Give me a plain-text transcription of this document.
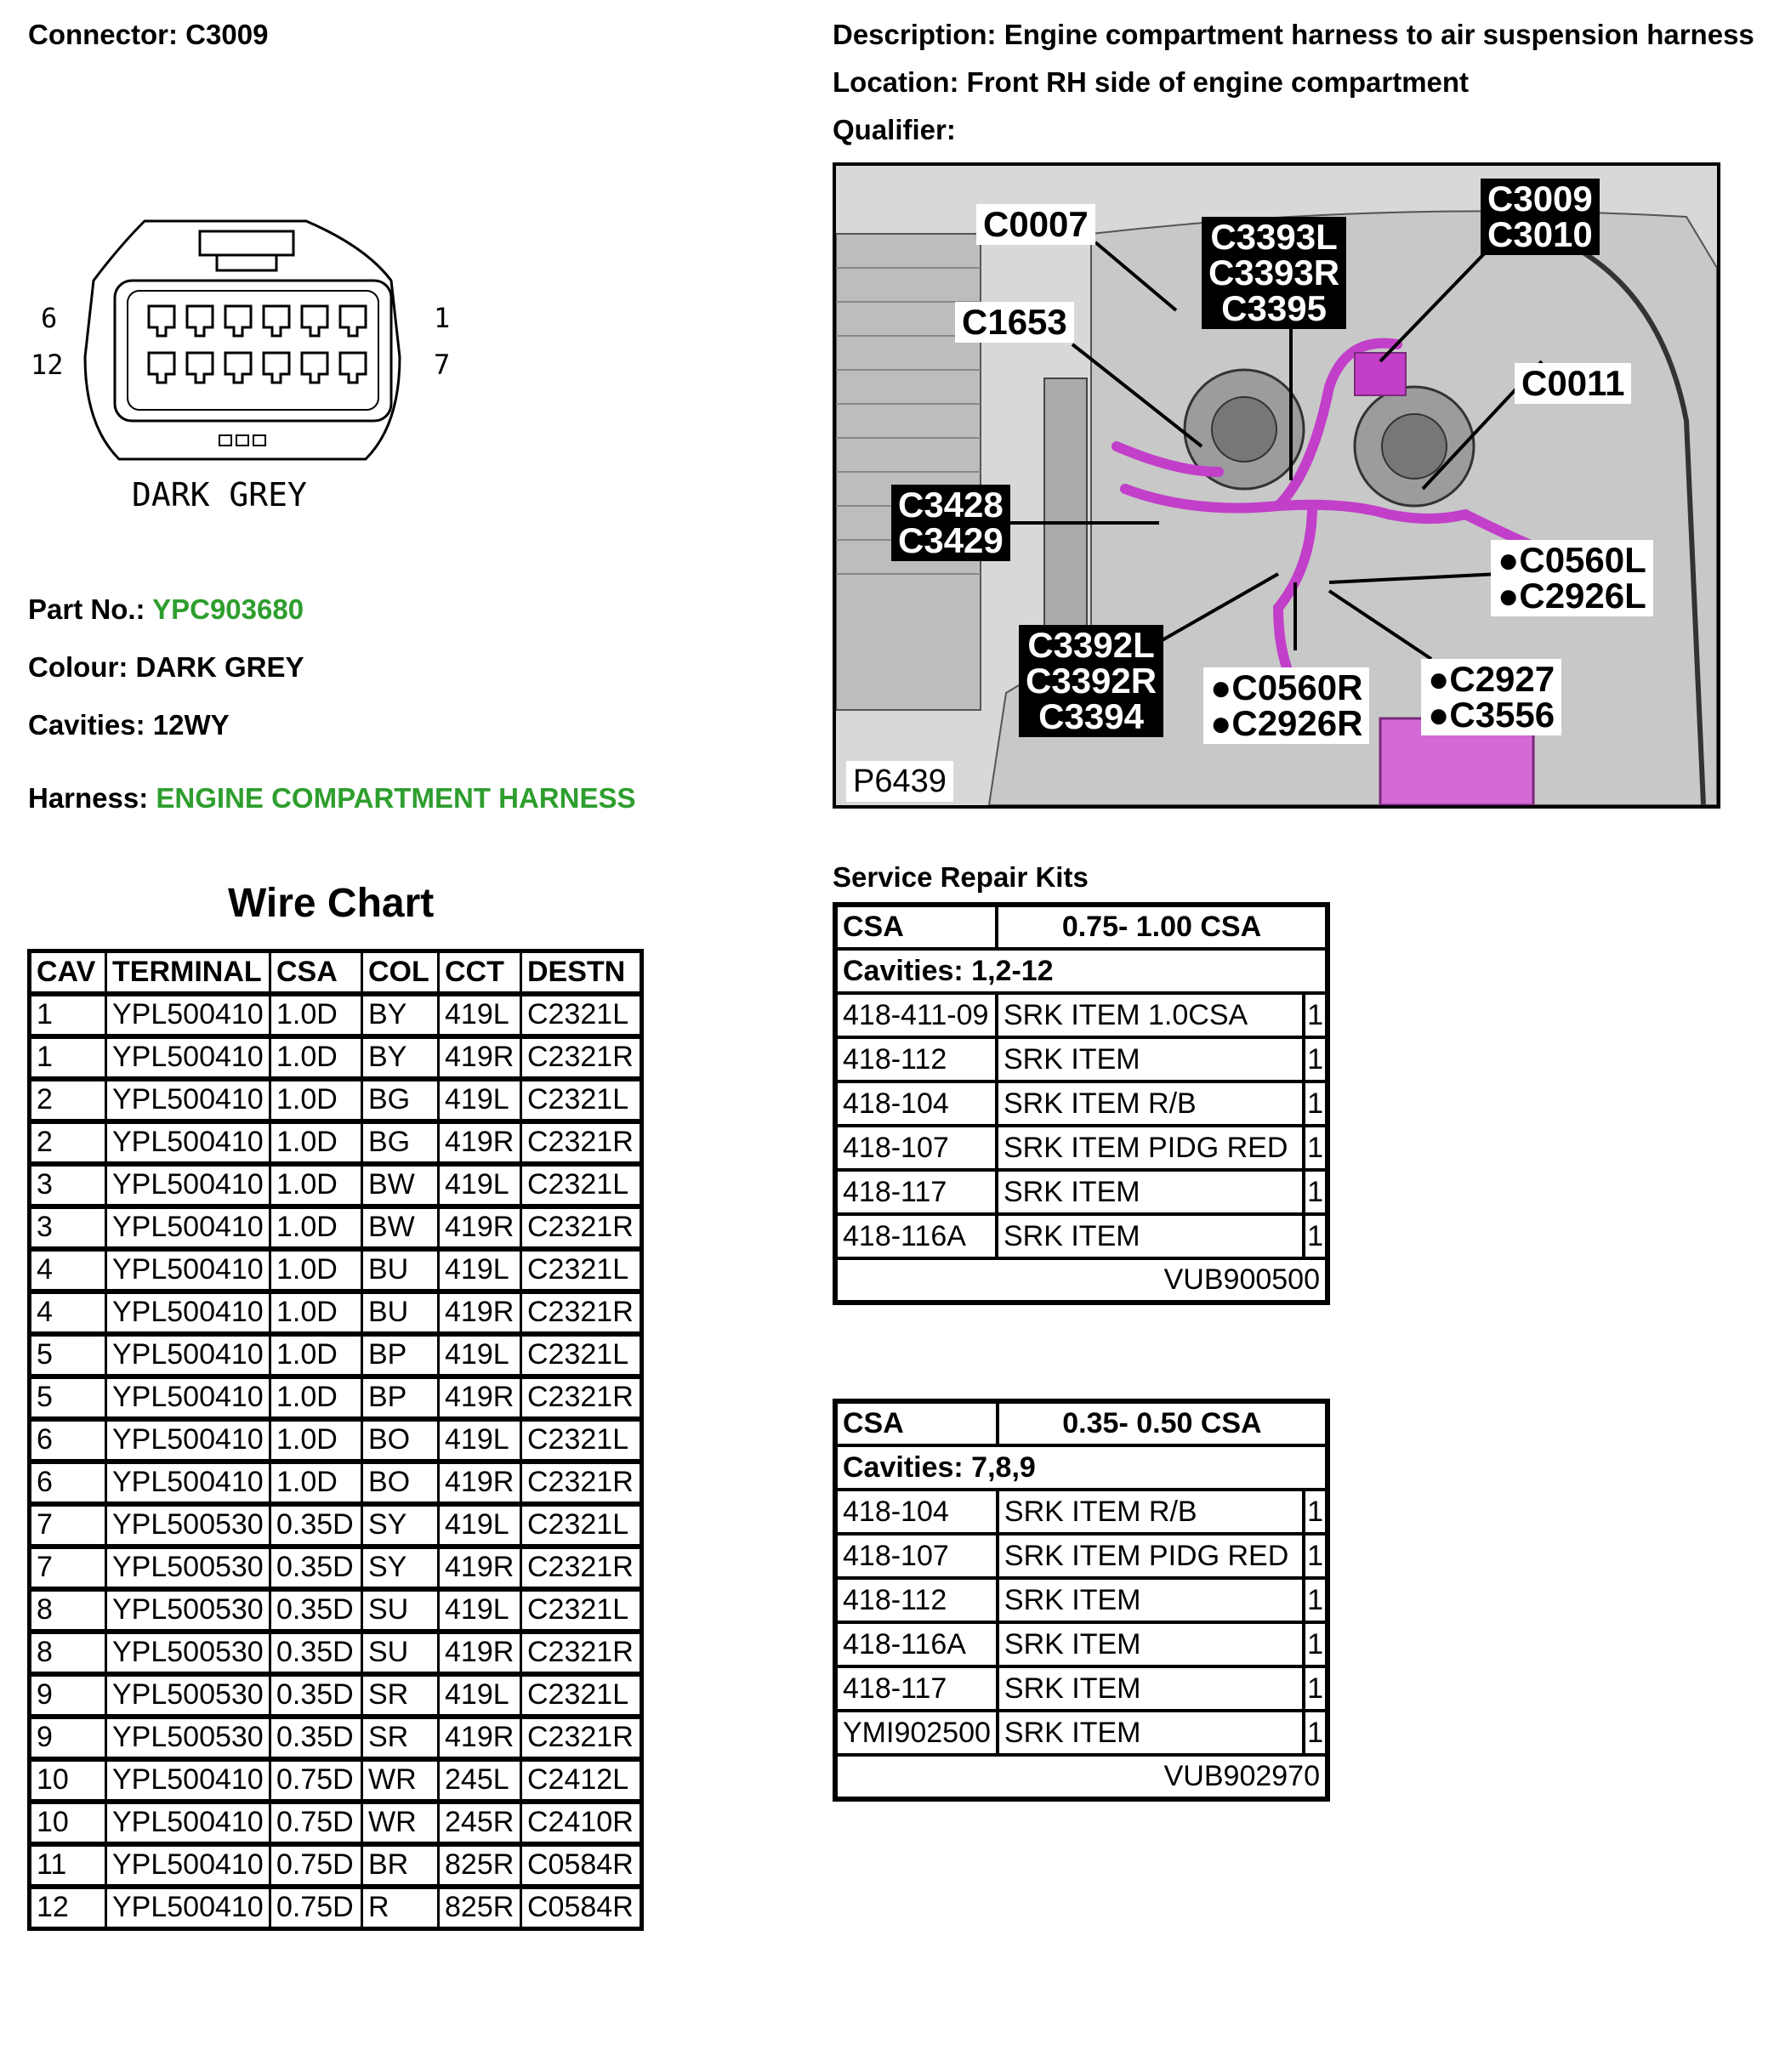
Connector: C3009	Description: Engine compartment harness to air suspension harness
Location: Front RH side of engine compartment
Qualifier:
6
12
1
7
DARK GREY
Part No.: YPC903680
Colour: DARK GREY
Cavities: 12WY
Harness: ENGINE COMPARTMENT HARNESS
C0007
C1653
C3393L
C3393R
C3395
C3009
C3010
C0011
C3428
C3429	●C0560L
●C2926L
C3392L
C3392R
C3394
●C0560R
●C2926R
●C2927
●C3556
P6439
Wire Chart
CAV	TERMINAL	CSA	COL	CCT	DESTN
1	YPL500410	1.0D	BY	419L	C2321L
1	YPL500410	1.0D	BY	419R	C2321R
2	YPL500410	1.0D	BG	419L	C2321L
2	YPL500410	1.0D	BG	419R	C2321R
3	YPL500410	1.0D	BW	419L	C2321L
3	YPL500410	1.0D	BW	419R	C2321R
4	YPL500410	1.0D	BU	419L	C2321L
4	YPL500410	1.0D	BU	419R	C2321R
5	YPL500410	1.0D	BP	419L	C2321L
5	YPL500410	1.0D	BP	419R	C2321R
6	YPL500410	1.0D	BO	419L	C2321L
6	YPL500410	1.0D	BO	419R	C2321R
7	YPL500530	0.35D	SY	419L	C2321L
7	YPL500530	0.35D	SY	419R	C2321R
8	YPL500530	0.35D	SU	419L	C2321L
8	YPL500530	0.35D	SU	419R	C2321R
9	YPL500530	0.35D	SR	419L	C2321L
9	YPL500530	0.35D	SR	419R	C2321R
10	YPL500410	0.75D	WR	245L	C2412L
10	YPL500410	0.75D	WR	245R	C2410R
11	YPL500410	0.75D	BR	825R	C0584R
12	YPL500410	0.75D	R	825R	C0584R
Service Repair Kits
CSA	0.75- 1.00 CSA	
Cavities: 1,2-12		
418-411-09	SRK ITEM 1.0CSA	1
418-112	SRK ITEM	1
418-104	SRK ITEM R/B	1
418-107	SRK ITEM PIDG RED	1
418-117	SRK ITEM	1
418-116A	SRK ITEM	1
VUB900500		
CSA	0.35- 0.50 CSA	
Cavities: 7,8,9		
418-104	SRK ITEM R/B	1
418-107	SRK ITEM PIDG RED	1
418-112	SRK ITEM	1
418-116A	SRK ITEM	1
418-117	SRK ITEM	1
YMI902500	SRK ITEM	1
VUB902970		
